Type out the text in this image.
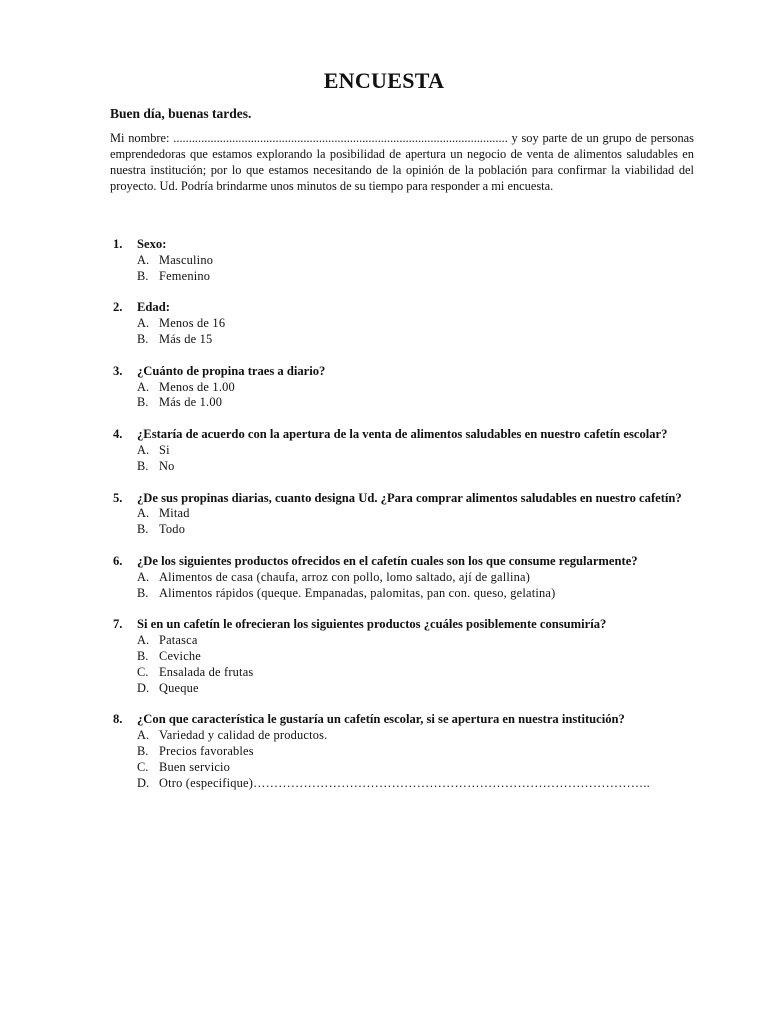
ENCUESTA
Buen día, buenas tardes.
Mi nombre: ............................................................................................................ y soy parte de un grupo de personas emprendedoras que estamos explorando la posibilidad de apertura un negocio de venta de alimentos saludables en nuestra institución; por lo que estamos necesitando de la opinión de la población para confirmar la viabilidad del proyecto. Ud. Podría brindarme unos minutos de su tiempo para responder a mi encuesta.
1.	Sexo:
A. Masculino
B. Femenino
2.	Edad:
A. Menos de 16
B. Más de 15
3.	¿Cuánto de propina traes a diario?
A. Menos de 1.00
B. Más de 1.00
4.	¿Estaría de acuerdo con la apertura de la venta de alimentos saludables en nuestro cafetín escolar?
A. Si
B. No
5.	¿De sus propinas diarias, cuanto designa Ud. ¿Para comprar alimentos saludables en nuestro cafetín?
A. Mitad
B. Todo
6.	¿De los siguientes productos ofrecidos en el cafetín cuales son los que consume regularmente?
A. Alimentos de casa (chaufa, arroz con pollo, lomo saltado, ají de gallina)
B. Alimentos rápidos (queque. Empanadas, palomitas, pan con. queso, gelatina)
7.	Si en un cafetín le ofrecieran los siguientes productos ¿cuáles posiblemente consumiría?
A. Patasca
B. Ceviche
C. Ensalada de frutas
D. Queque
8.	¿Con que característica le gustaría un cafetín escolar, si se apertura en nuestra institución?
A. Variedad y calidad de productos.
B. Precios favorables
C. Buen servicio
D. Otro (especifique)…………………………………………………………………………………..
